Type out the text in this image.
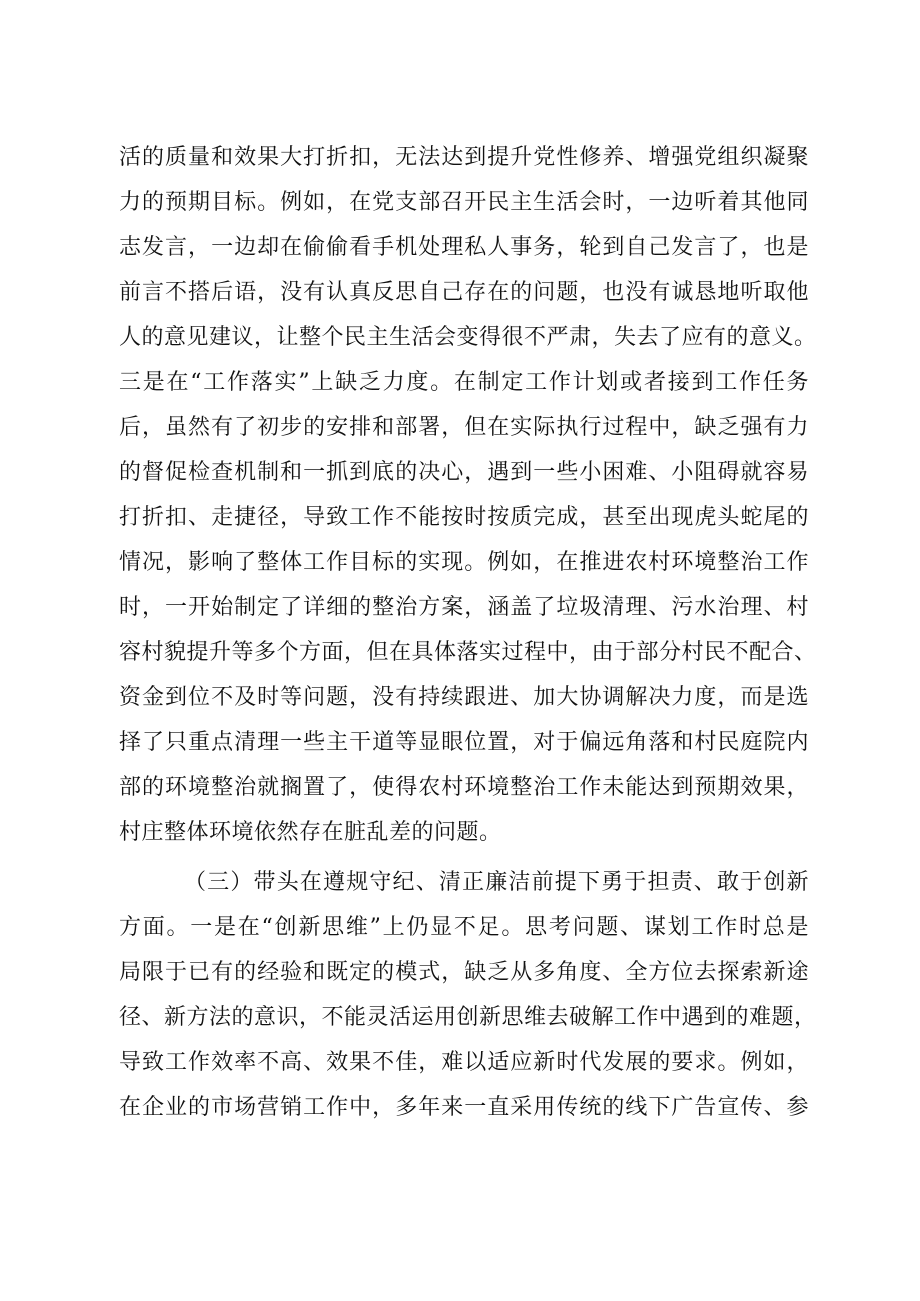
活的质量和效果大打折扣，无法达到提升党性修养、增强党组织凝聚
力的预期目标。例如，在党支部召开民主生活会时，一边听着其他同
志发言，一边却在偷偷看手机处理私人事务，轮到自己发言了，也是
前言不搭后语，没有认真反思自己存在的问题，也没有诚恳地听取他
人的意见建议，让整个民主生活会变得很不严肃，失去了应有的意义。
三是在“工作落实”上缺乏力度。在制定工作计划或者接到工作任务
后，虽然有了初步的安排和部署，但在实际执行过程中，缺乏强有力
的督促检查机制和一抓到底的决心，遇到一些小困难、小阻碍就容易
打折扣、走捷径，导致工作不能按时按质完成，甚至出现虎头蛇尾的
情况，影响了整体工作目标的实现。例如，在推进农村环境整治工作
时，一开始制定了详细的整治方案，涵盖了垃圾清理、污水治理、村
容村貌提升等多个方面，但在具体落实过程中，由于部分村民不配合、
资金到位不及时等问题，没有持续跟进、加大协调解决力度，而是选
择了只重点清理一些主干道等显眼位置，对于偏远角落和村民庭院内
部的环境整治就搁置了，使得农村环境整治工作未能达到预期效果，
村庄整体环境依然存在脏乱差的问题。
（三）带头在遵规守纪、清正廉洁前提下勇于担责、敢于创新
方面。一是在“创新思维”上仍显不足。思考问题、谋划工作时总是
局限于已有的经验和既定的模式，缺乏从多角度、全方位去探索新途
径、新方法的意识，不能灵活运用创新思维去破解工作中遇到的难题，
导致工作效率不高、效果不佳，难以适应新时代发展的要求。例如，
在企业的市场营销工作中，多年来一直采用传统的线下广告宣传、参
